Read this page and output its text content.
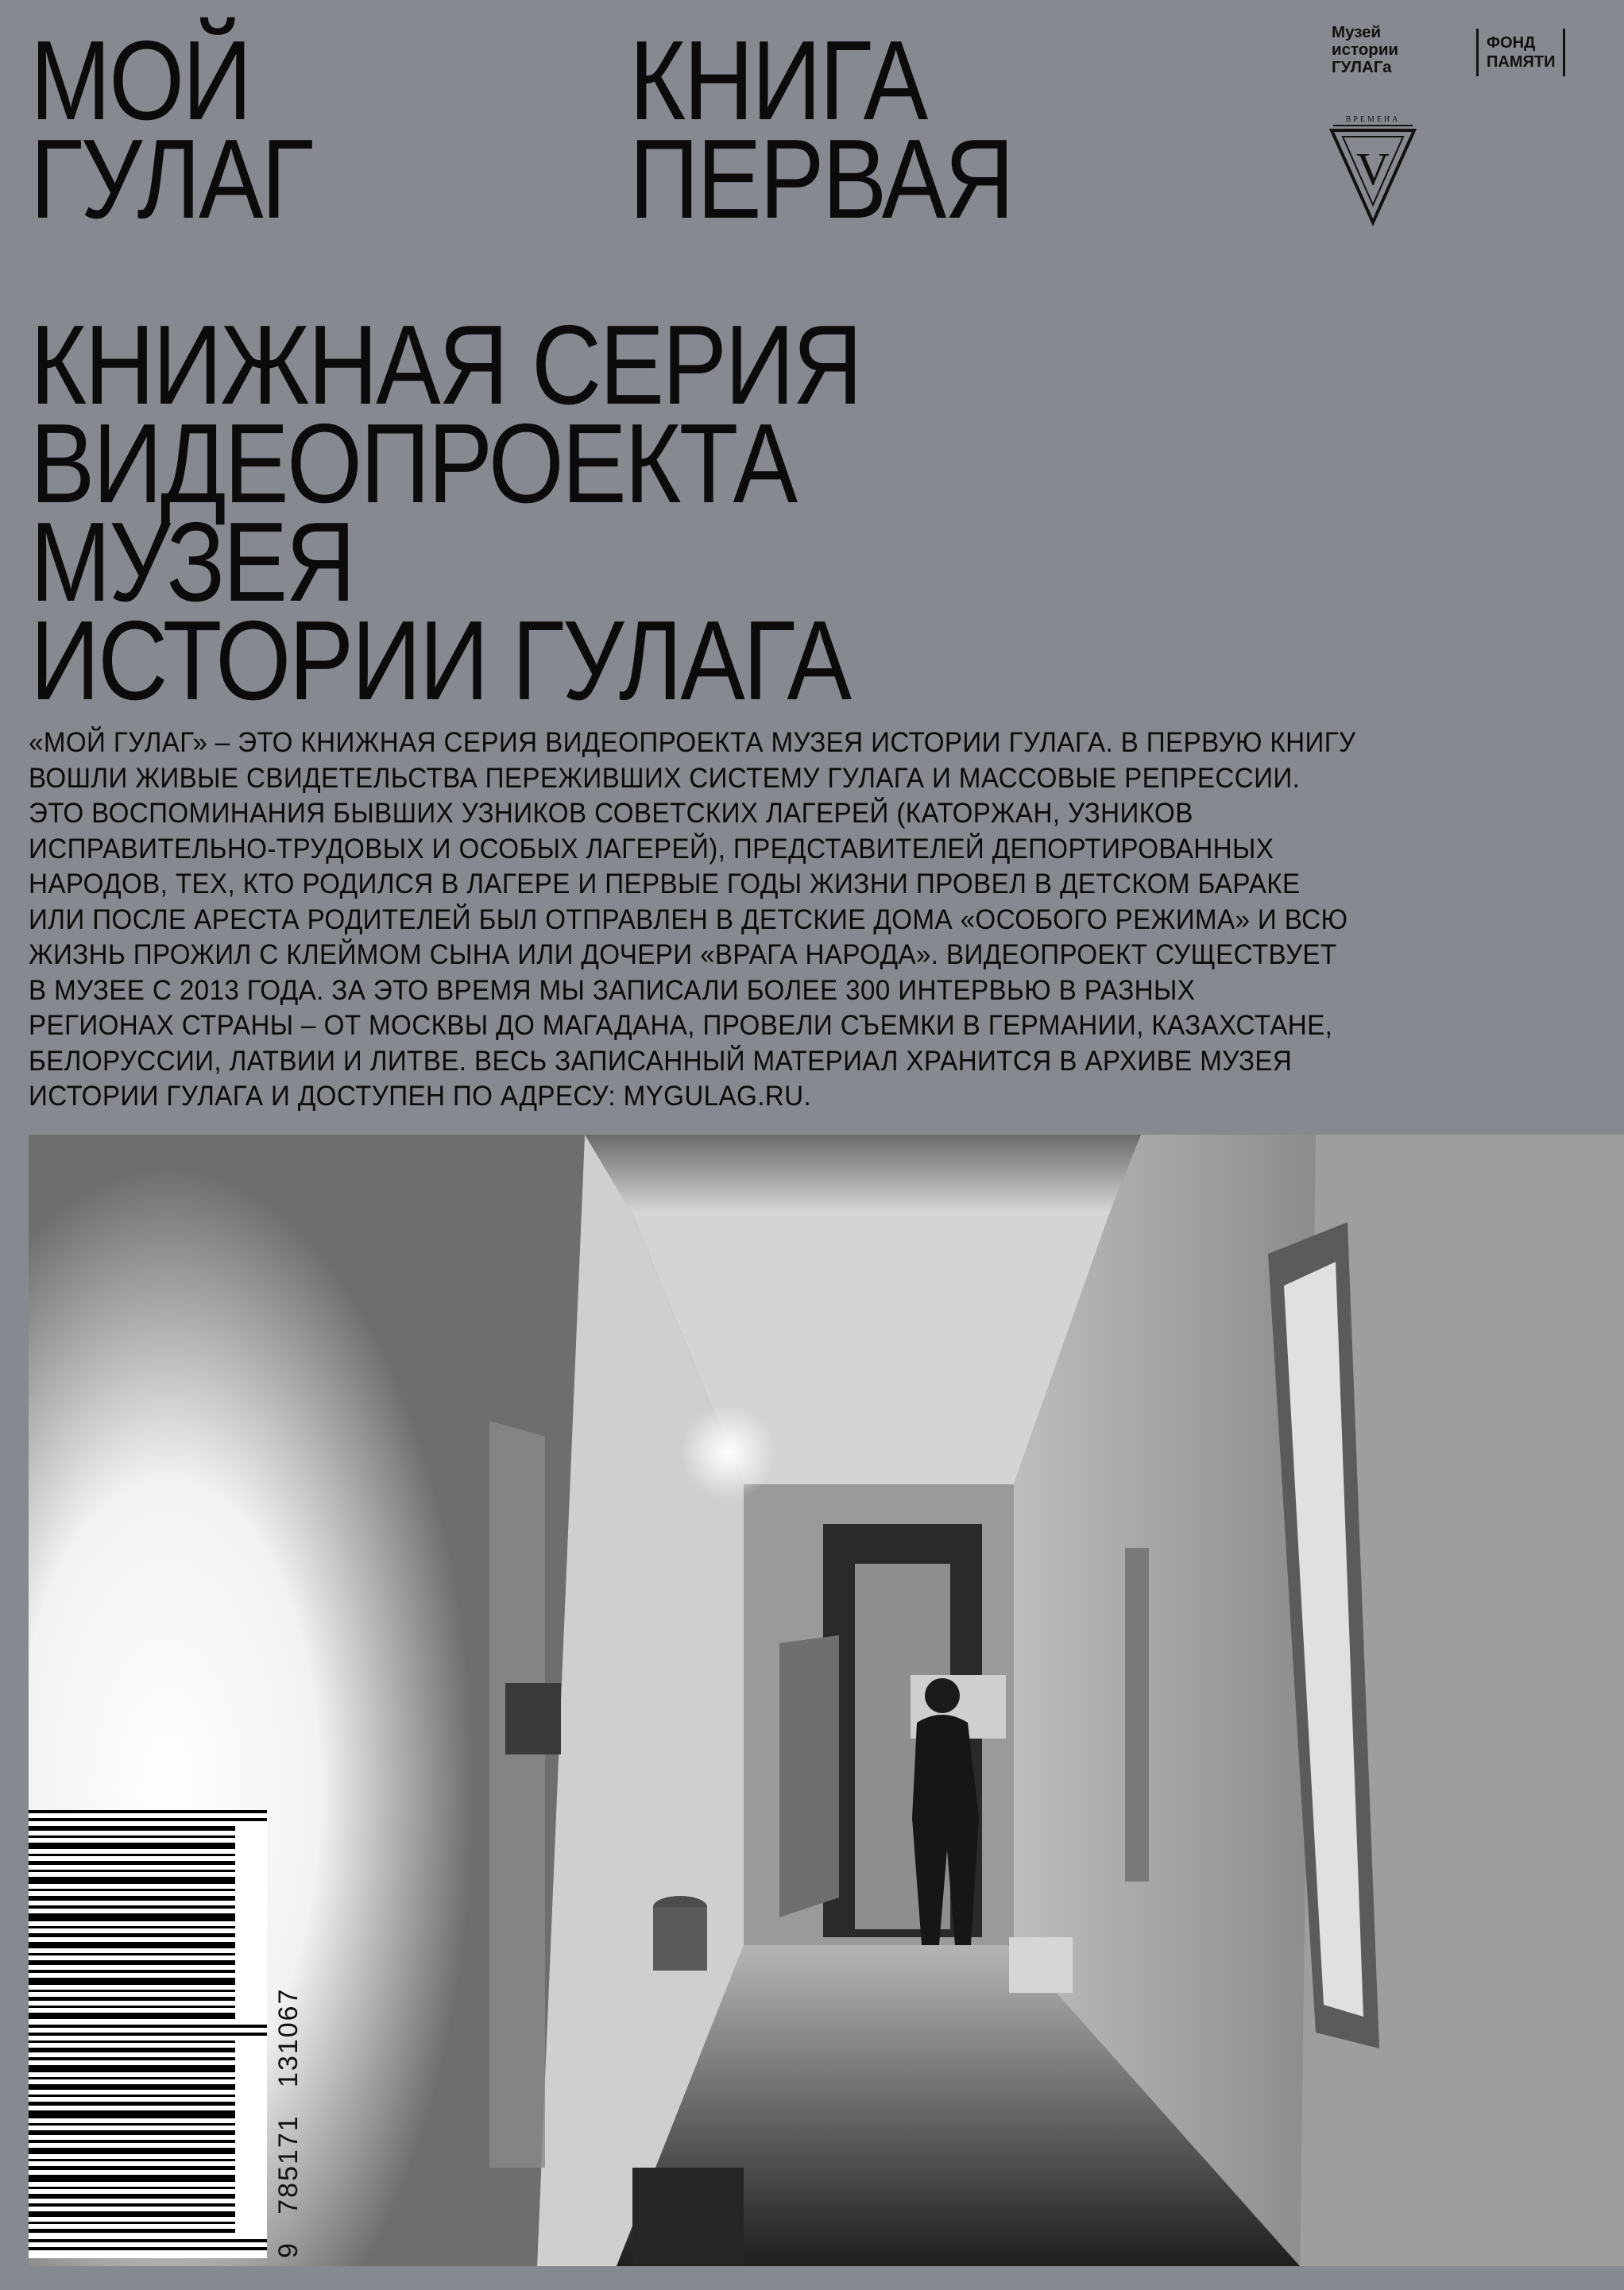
МОЙ
ГУЛАГ
КНИГА
ПЕРВАЯ
Музей
истории
ГУЛАГа
ФОНД
ПАМЯТИ
ВРЕМЕНА
V
КНИЖНАЯ СЕРИЯ
ВИДЕОПРОЕКТА
МУЗЕЯ
ИСТОРИИ ГУЛАГА
«МОЙ ГУЛАГ» – ЭТО КНИЖНАЯ СЕРИЯ ВИДЕОПРОЕКТА МУЗЕЯ ИСТОРИИ ГУЛАГА. В ПЕРВУЮ КНИГУ
ВОШЛИ ЖИВЫЕ СВИДЕТЕЛЬСТВА ПЕРЕЖИВШИХ СИСТЕМУ ГУЛАГА И МАССОВЫЕ РЕПРЕССИИ.
ЭТО ВОСПОМИНАНИЯ БЫВШИХ УЗНИКОВ СОВЕТСКИХ ЛАГЕРЕЙ (КАТОРЖАН, УЗНИКОВ
ИСПРАВИТЕЛЬНО-ТРУДОВЫХ И ОСОБЫХ ЛАГЕРЕЙ), ПРЕДСТАВИТЕЛЕЙ ДЕПОРТИРОВАННЫХ
НАРОДОВ, ТЕХ, КТО РОДИЛСЯ В ЛАГЕРЕ И ПЕРВЫЕ ГОДЫ ЖИЗНИ ПРОВЕЛ В ДЕТСКОМ БАРАКЕ
ИЛИ ПОСЛЕ АРЕСТА РОДИТЕЛЕЙ БЫЛ ОТПРАВЛЕН В ДЕТСКИЕ ДОМА «ОСОБОГО РЕЖИМА» И ВСЮ
ЖИЗНЬ ПРОЖИЛ С КЛЕЙМОМ СЫНА ИЛИ ДОЧЕРИ «ВРАГА НАРОДА». ВИДЕОПРОЕКТ СУЩЕСТВУЕТ
В МУЗЕЕ С 2013 ГОДА. ЗА ЭТО ВРЕМЯ МЫ ЗАПИСАЛИ БОЛЕЕ 300 ИНТЕРВЬЮ В РАЗНЫХ
РЕГИОНАХ СТРАНЫ – ОТ МОСКВЫ ДО МАГАДАНА, ПРОВЕЛИ СЪЕМКИ В ГЕРМАНИИ, КАЗАХСТАНЕ,
БЕЛОРУССИИ, ЛАТВИИ И ЛИТВЕ. ВЕСЬ ЗАПИСАННЫЙ МАТЕРИАЛ ХРАНИТСЯ В АРХИВЕ МУЗЕЯ
ИСТОРИИ ГУЛАГА И ДОСТУПЕН ПО АДРЕСУ: MYGULAG.RU.
9   785171   131067
